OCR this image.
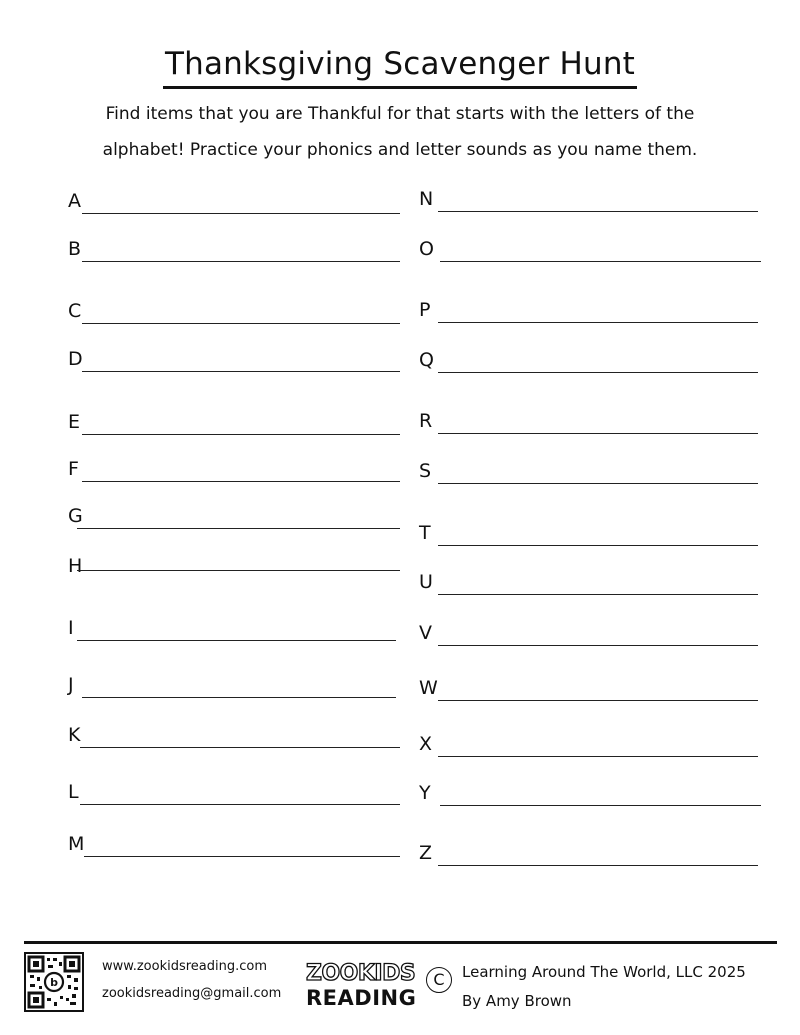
Thanksgiving Scavenger Hunt
Find items that you are Thankful for that starts with the letters of the
alphabet! Practice your phonics and letter sounds as you name them.
A
B
C
D
E
F
G
H
I
J
K
L
M
N
O
P
Q
R
S
T
U
V
W
X
Y
Z
b
www.zookidsreading.com
zookidsreading@gmail.com
ZOOKIDS
READING
C	Learning Around The World, LLC 2025
By Amy Brown
